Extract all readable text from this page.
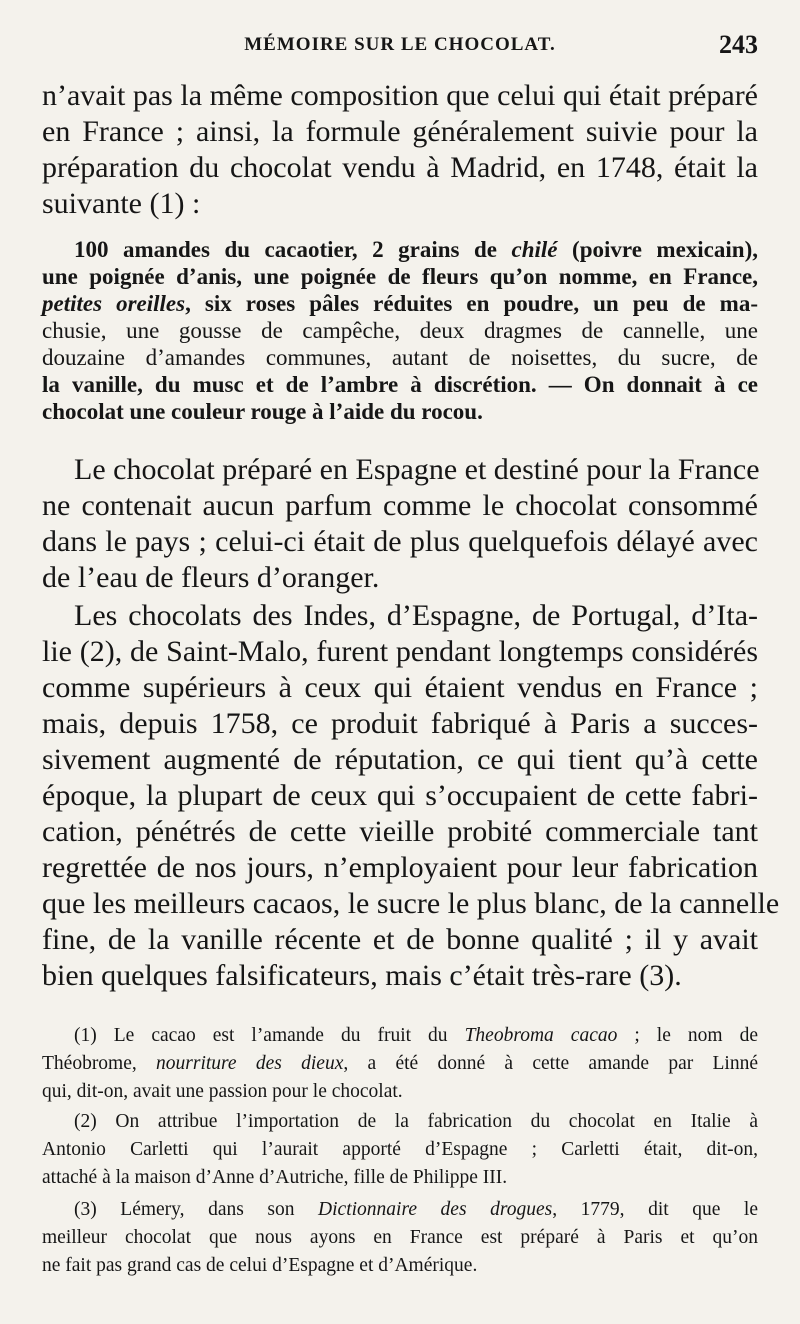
MÉMOIRE SUR LE CHOCOLAT.	243
n’avait pas la même composition que celui qui était préparé
en France ; ainsi, la formule généralement suivie pour la
préparation du chocolat vendu à Madrid, en 1748, était la
suivante (1) :
100 amandes du cacaotier, 2 grains de chilé (poivre mexicain),
une poignée d’anis, une poignée de fleurs qu’on nomme, en France,
petites oreilles, six roses pâles réduites en poudre, un peu de ma-
chusie, une gousse de campêche, deux dragmes de cannelle, une
douzaine d’amandes communes, autant de noisettes, du sucre, de
la vanille, du musc et de l’ambre à discrétion. — On donnait à ce
chocolat une couleur rouge à l’aide du rocou.
Le chocolat préparé en Espagne et destiné pour la France
ne contenait aucun parfum comme le chocolat consommé
dans le pays ; celui-ci était de plus quelquefois délayé avec
de l’eau de fleurs d’oranger.
Les chocolats des Indes, d’Espagne, de Portugal, d’Ita-
lie (2), de Saint-Malo, furent pendant longtemps considérés
comme supérieurs à ceux qui étaient vendus en France ;
mais, depuis 1758, ce produit fabriqué à Paris a succes-
sivement augmenté de réputation, ce qui tient qu’à cette
époque, la plupart de ceux qui s’occupaient de cette fabri-
cation, pénétrés de cette vieille probité commerciale tant
regrettée de nos jours, n’employaient pour leur fabrication
que les meilleurs cacaos, le sucre le plus blanc, de la cannelle
fine, de la vanille récente et de bonne qualité ; il y avait
bien quelques falsificateurs, mais c’était très-rare (3).
(1) Le cacao est l’amande du fruit du Theobroma cacao ; le nom de
Théobrome, nourriture des dieux, a été donné à cette amande par Linné
qui, dit-on, avait une passion pour le chocolat.
(2) On attribue l’importation de la fabrication du chocolat en Italie à
Antonio Carletti qui l’aurait apporté d’Espagne ; Carletti était, dit-on,
attaché à la maison d’Anne d’Autriche, fille de Philippe III.
(3) Lémery, dans son Dictionnaire des drogues, 1779, dit que le
meilleur chocolat que nous ayons en France est préparé à Paris et qu’on
ne fait pas grand cas de celui d’Espagne et d’Amérique.
